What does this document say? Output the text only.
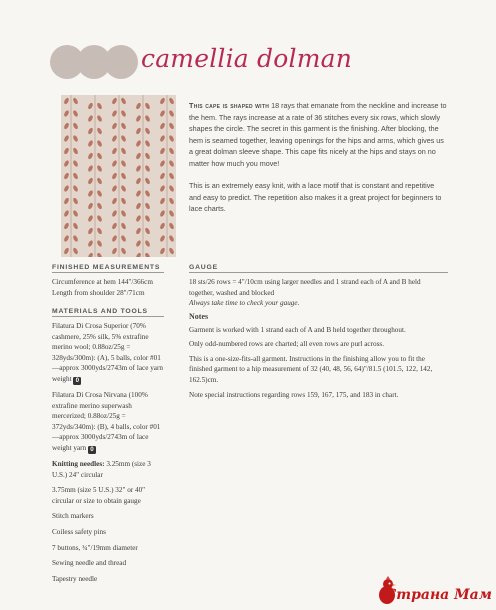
camellia dolman

This cape is shaped with 18 rays that emanate from the neckline and increase to the hem. The rays increase at a rate of 36 stitches every six rows, which slowly shapes the circle. The secret in this garment is the finishing. After blocking, the hem is seamed together, leaving openings for the hips and arms, which gives us a great dolman sleeve shape. This cape fits nicely at the hips and stays on no matter how much you move!

This is an extremely easy knit, with a lace motif that is constant and repetitive and easy to predict. The repetition also makes it a great project for beginners to lace charts.

FINISHED MEASUREMENTS

Circumference at hem 144"/366cm

Length from shoulder 28"/71cm

MATERIALS AND TOOLS

Filatura Di Crosa Superior (70% cashmere, 25% silk, 5% extrafine merino wool; 0.88oz/25g = 328yds/300m): (A), 5 balls, color #01—approx 3000yds/2743m of lace yarn weight 0

Filatura Di Crosa Nirvana (100% extrafine merino superwash mercerized; 0.88oz/25g = 372yds/340m): (B), 4 balls, color #01—approx 3000yds/2743m of lace weight yarn 0

Knitting needles: 3.25mm (size 3 U.S.) 24" circular

3.75mm (size 5 U.S.) 32" or 40" circular or size to obtain gauge

Stitch markers

Coiless safety pins

7 buttons, ¾"/19mm diameter

Sewing needle and thread

Tapestry needle

GAUGE

18 sts/26 rows = 4"/10cm using larger needles and 1 strand each of A and B held together, washed and blocked

Always take time to check your gauge.

Notes

Garment is worked with 1 strand each of A and B held together throughout.

Only odd-numbered rows are charted; all even rows are purl across.

This is a one-size-fits-all garment. Instructions in the finishing allow you to fit the finished garment to a hip measurement of 32 (40, 48, 56, 64)"/81.5 (101.5, 122, 142, 162.5)cm.

Note special instructions regarding rows 159, 167, 175, and 183 in chart.

Страна Мам
